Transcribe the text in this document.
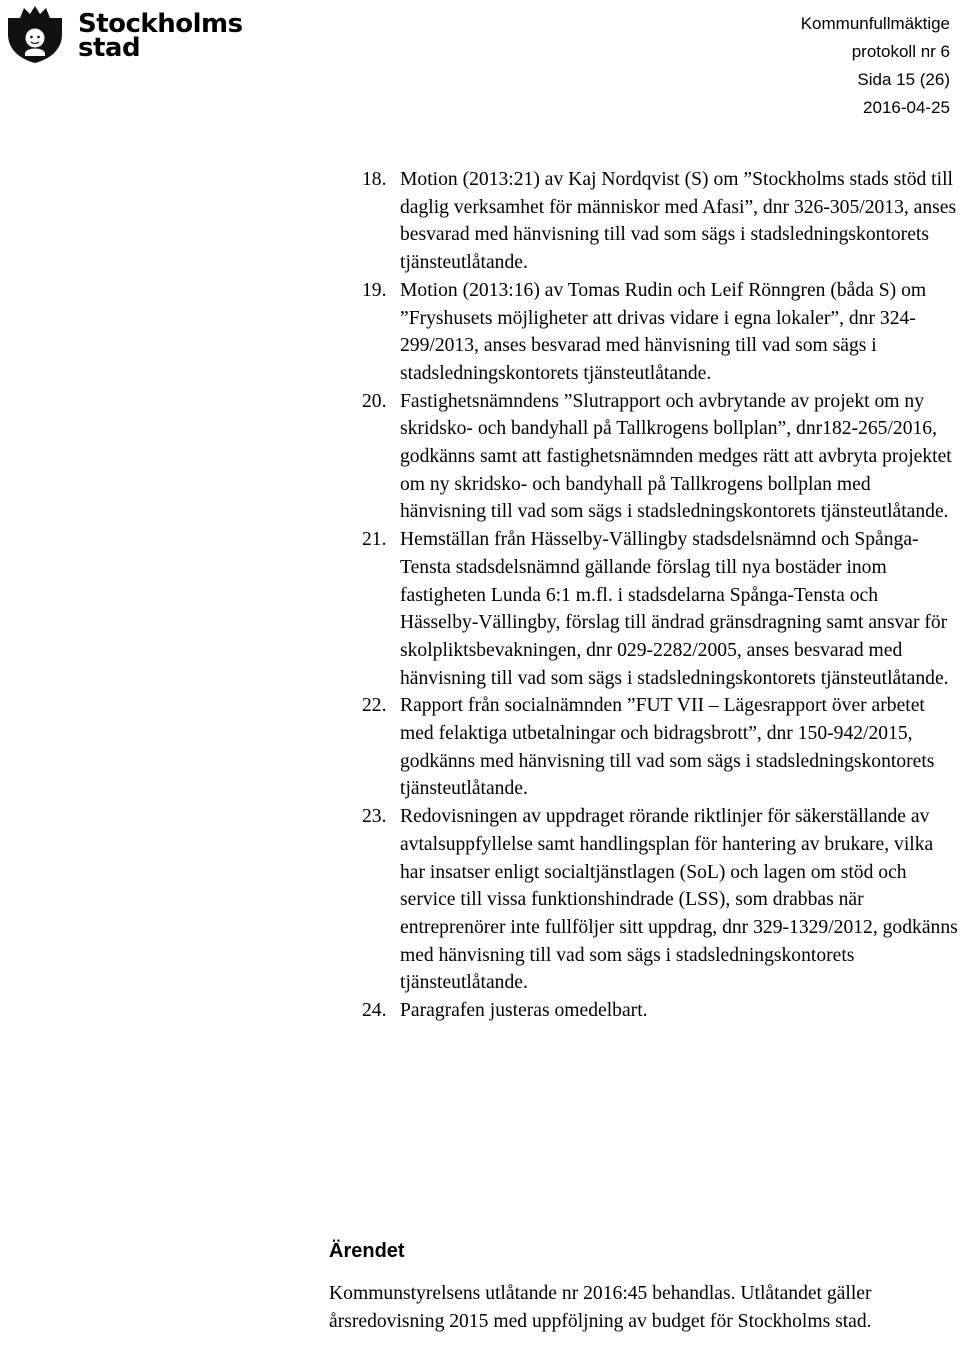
Stockholms
stad
Kommunfullmäktige
protokoll nr 6
Sida 15 (26)
2016-04-25
18. Motion (2013:21) av Kaj Nordqvist (S) om ”Stockholms stads stöd till daglig verksamhet för människor med Afasi”, dnr 326-305/2013, anses besvarad med hänvisning till vad som sägs i stadsledningskontorets tjänsteutlåtande.
19. Motion (2013:16) av Tomas Rudin och Leif Rönngren (båda S) om ”Fryshusets möjligheter att drivas vidare i egna lokaler”, dnr 324-299/2013, anses besvarad med hänvisning till vad som sägs i stadsledningskontorets tjänsteutlåtande.
20. Fastighetsnämndens ”Slutrapport och avbrytande av projekt om ny skridsko- och bandyhall på Tallkrogens bollplan”, dnr182-265/2016, godkänns samt att fastighetsnämnden medges rätt att avbryta projektet om ny skridsko- och bandyhall på Tallkrogens bollplan med hänvisning till vad som sägs i stadsledningskontorets tjänsteutlåtande.
21. Hemställan från Hässelby-Vällingby stadsdelsnämnd och Spånga-Tensta stadsdelsnämnd gällande förslag till nya bostäder inom fastigheten Lunda 6:1 m.fl. i stadsdelarna Spånga-Tensta och Hässelby-Vällingby, förslag till ändrad gränsdragning samt ansvar för skolpliktsbevakningen, dnr 029-2282/2005, anses besvarad med hänvisning till vad som sägs i stadsledningskontorets tjänsteutlåtande.
22. Rapport från socialnämnden ”FUT VII – Lägesrapport över arbetet med felaktiga utbetalningar och bidragsbrott”, dnr 150-942/2015, godkänns med hänvisning till vad som sägs i stadsledningskontorets tjänsteutlåtande.
23. Redovisningen av uppdraget rörande riktlinjer för säkerställande av avtalsuppfyllelse samt handlingsplan för hantering av brukare, vilka har insatser enligt socialtjänstlagen (SoL) och lagen om stöd och service till vissa funktionshindrade (LSS), som drabbas när entreprenörer inte fullföljer sitt uppdrag, dnr 329-1329/2012, godkänns med hänvisning till vad som sägs i stadsledningskontorets tjänsteutlåtande.
24. Paragrafen justeras omedelbart.
Ärendet
Kommunstyrelsens utlåtande nr 2016:45 behandlas. Utlåtandet gäller årsredovisning 2015 med uppföljning av budget för Stockholms stad.
